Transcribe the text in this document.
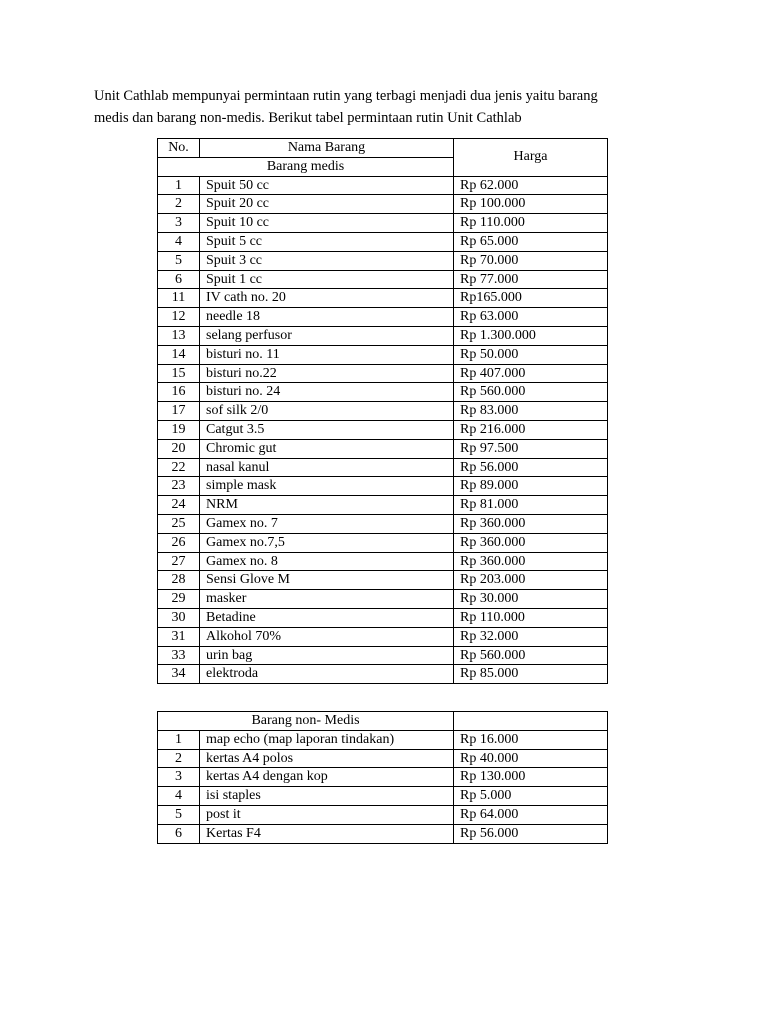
Unit Cathlab mempunyai permintaan rutin yang terbagi menjadi dua jenis yaitu barang
medis dan barang non-medis. Berikut tabel permintaan rutin Unit Cathlab

No.	Nama Barang	Harga
Barang medis		
1	Spuit 50 cc	Rp 62.000
2	Spuit 20 cc	Rp 100.000
3	Spuit 10 cc	Rp 110.000
4	Spuit 5 cc	Rp 65.000
5	Spuit 3 cc	Rp 70.000
6	Spuit 1 cc	Rp 77.000
11	IV cath no. 20	Rp165.000
12	needle 18	Rp 63.000
13	selang perfusor	Rp 1.300.000
14	bisturi no. 11	Rp 50.000
15	bisturi no.22	Rp 407.000
16	bisturi no. 24	Rp 560.000
17	sof silk 2/0	Rp 83.000
19	Catgut 3.5	Rp 216.000
20	Chromic gut	Rp 97.500
22	nasal kanul	Rp 56.000
23	simple mask	Rp 89.000
24	NRM	Rp 81.000
25	Gamex no. 7	Rp 360.000
26	Gamex no.7,5	Rp 360.000
27	Gamex no. 8	Rp 360.000
28	Sensi Glove M	Rp 203.000
29	masker	Rp 30.000
30	Betadine	Rp 110.000
31	Alkohol 70%	Rp 32.000
33	urin bag	Rp 560.000
34	elektroda	Rp 85.000
Barang non- Medis		
1	map echo (map laporan tindakan)	Rp 16.000
2	kertas A4 polos	Rp 40.000
3	kertas A4 dengan kop	Rp 130.000
4	isi staples	Rp 5.000
5	post it	Rp 64.000
6	Kertas F4	Rp 56.000
